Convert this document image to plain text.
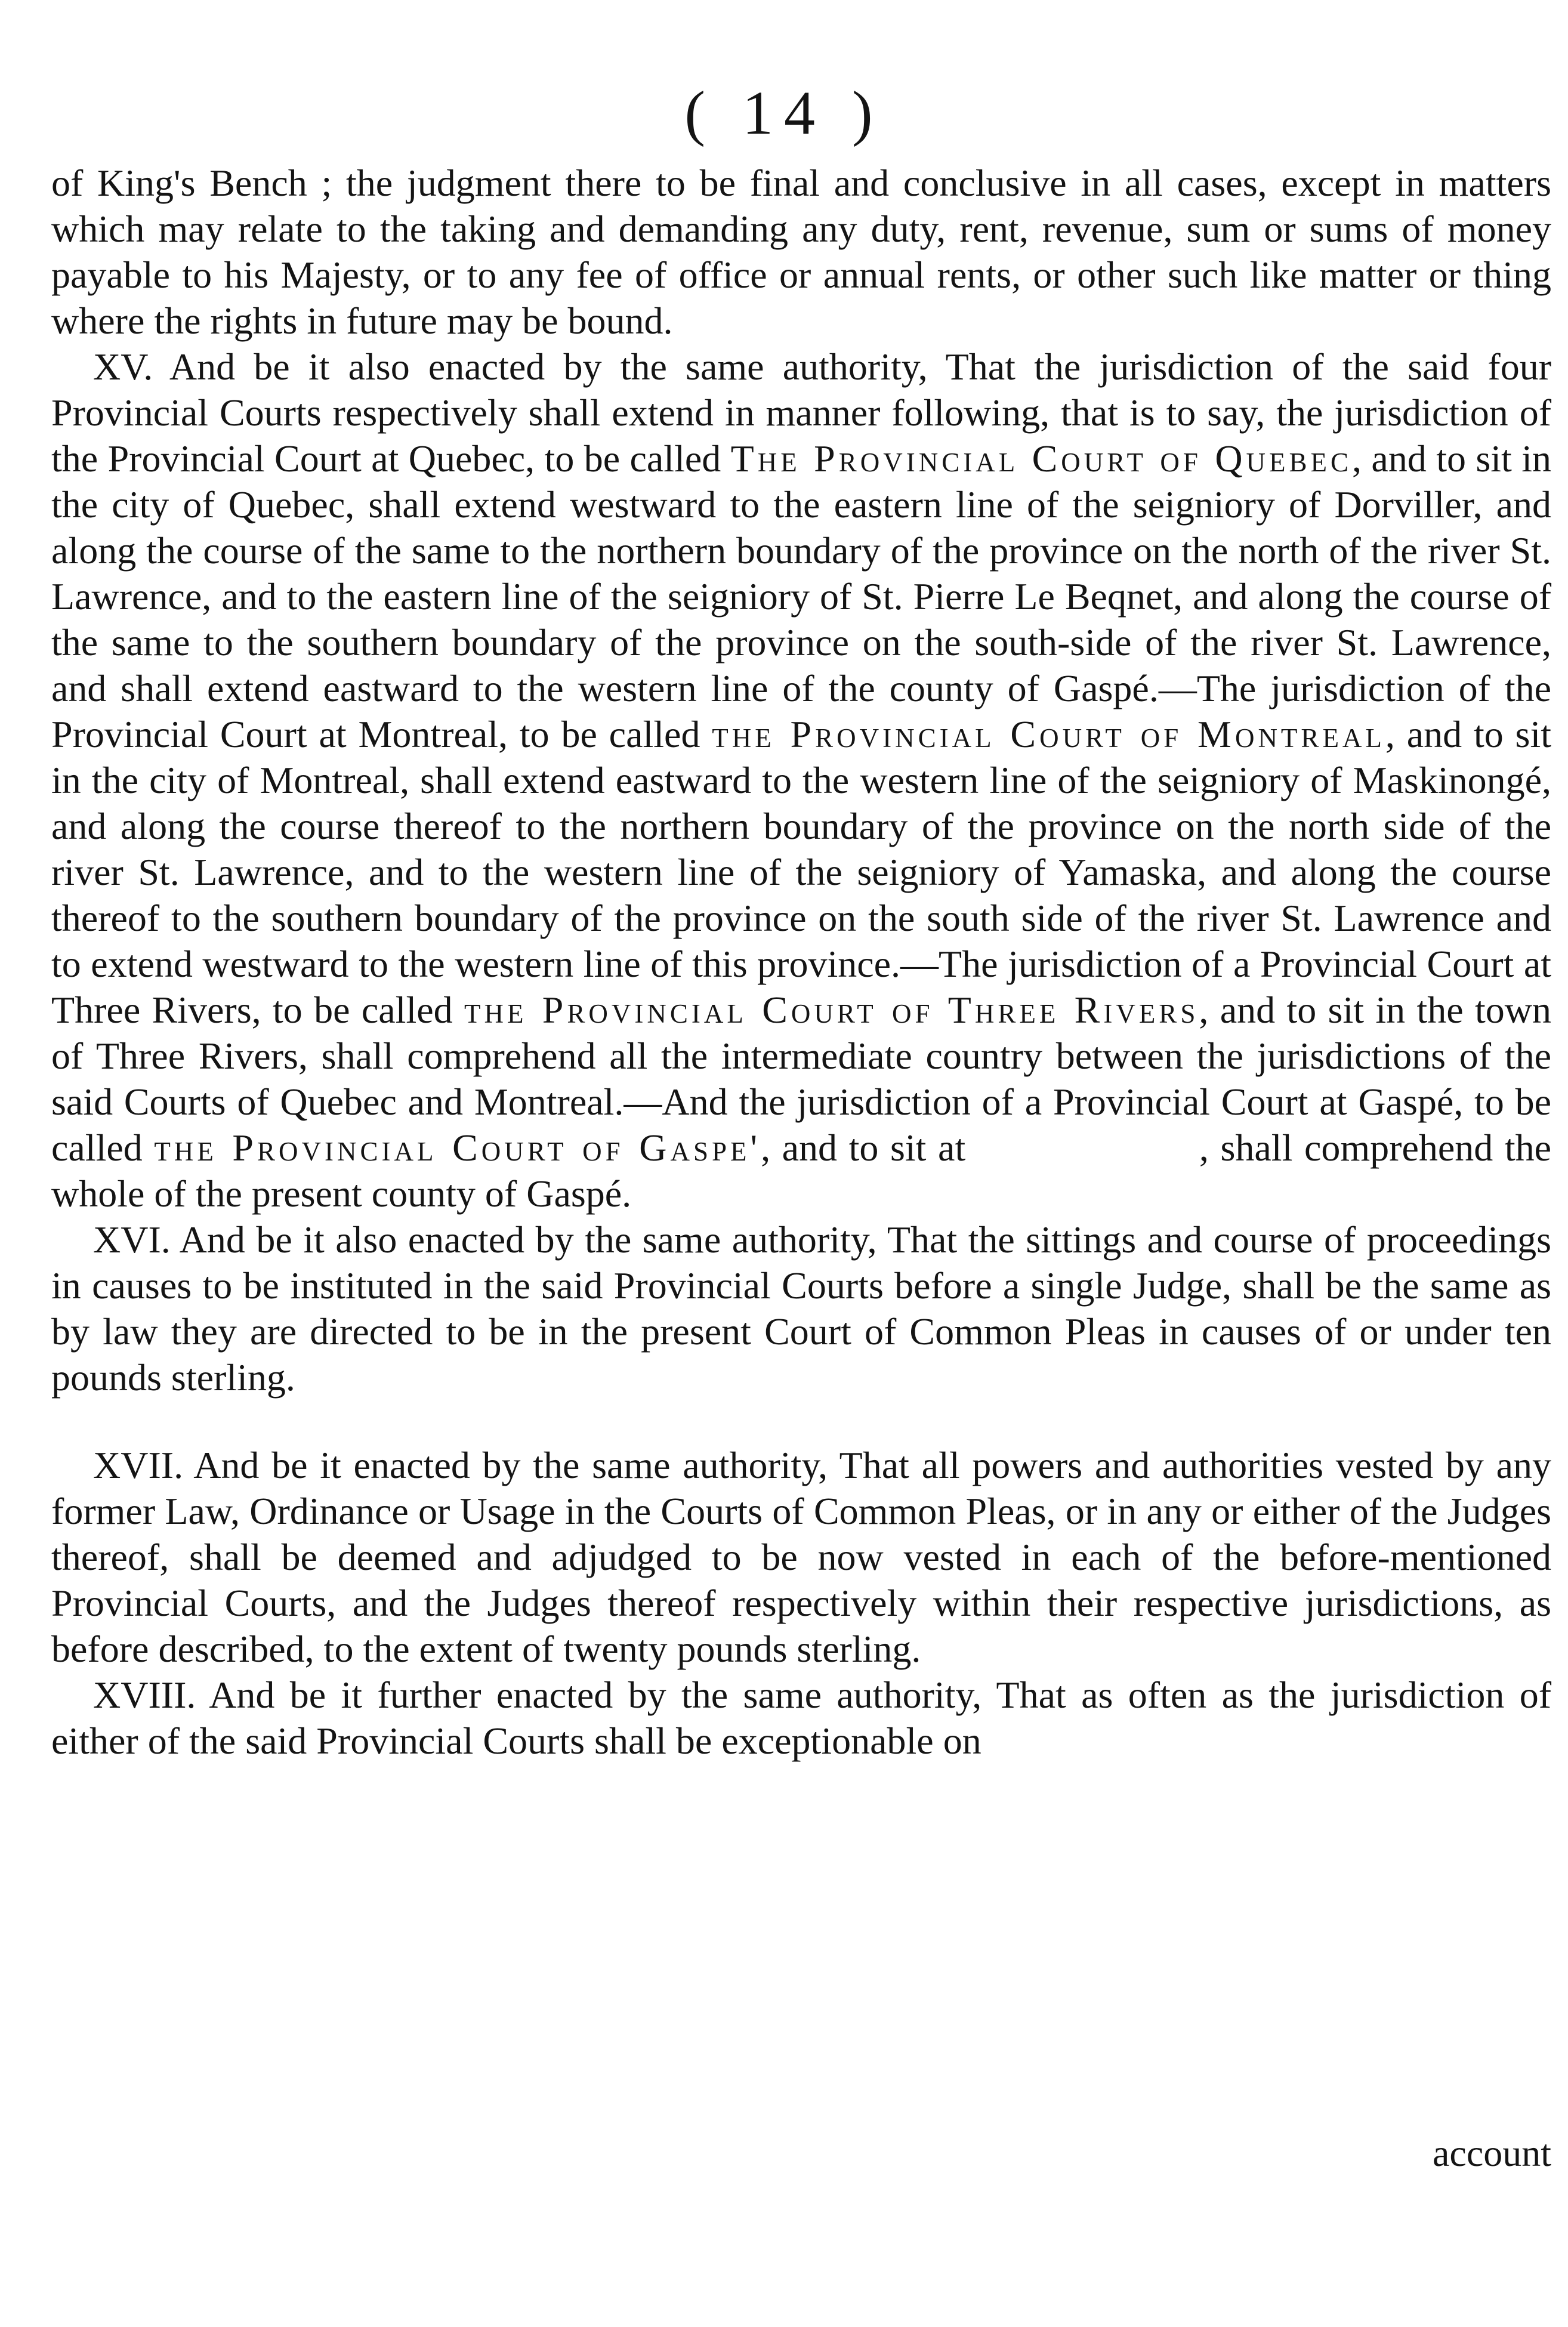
( 14 )

of King's Bench ; the judgment there to be final and conclusive in all cases, except in matters which may relate to the taking and demanding any duty, rent, revenue, sum or sums of money payable to his Majesty, or to any fee of office or annual rents, or other such like matter or thing where the rights in future may be bound.

XV. And be it also enacted by the same authority, That the jurisdiction of the said four Provincial Courts respectively shall extend in manner following, that is to say, the jurisdiction of the Provincial Court at Quebec, to be called The Provincial Court of Quebec, and to sit in the city of Quebec, shall extend westward to the eastern line of the seigniory of Dorviller, and along the course of the same to the northern boundary of the province on the north of the river St. Lawrence, and to the eastern line of the seigniory of St. Pierre Le Beqnet, and along the course of the same to the southern boundary of the province on the south-side of the river St. Lawrence, and shall extend eastward to the western line of the county of Gaspé.—The jurisdiction of the Provincial Court at Montreal, to be called the Provincial Court of Montreal, and to sit in the city of Montreal, shall extend eastward to the western line of the seigniory of Maskinongé, and along the course thereof to the northern boundary of the province on the north side of the river St. Lawrence, and to the western line of the seigniory of Yamaska, and along the course thereof to the southern boundary of the province on the south side of the river St. Lawrence and to extend westward to the western line of this province.—The jurisdiction of a Provincial Court at Three Rivers, to be called the Provincial Court of Three Rivers, and to sit in the town of Three Rivers, shall comprehend all the intermediate country between the jurisdictions of the said Courts of Quebec and Montreal.—And the jurisdiction of a Provincial Court at Gaspé, to be called the Provincial Court of Gaspe', and to sit at                    , shall comprehend the whole of the present county of Gaspé.

XVI. And be it also enacted by the same authority, That the sittings and course of proceedings in causes to be instituted in the said Provincial Courts before a single Judge, shall be the same as by law they are directed to be in the present Court of Common Pleas in causes of or under ten pounds sterling.

XVII. And be it enacted by the same authority, That all powers and authorities vested by any former Law, Ordinance or Usage in the Courts of Common Pleas, or in any or either of the Judges thereof, shall be deemed and adjudged to be now vested in each of the before-mentioned Provincial Courts, and the Judges thereof respectively within their respective jurisdictions, as before described, to the extent of twenty pounds sterling.

XVIII. And be it further enacted by the same authority, That as often as the jurisdiction of either of the said Provincial Courts shall be exceptionable on

account
